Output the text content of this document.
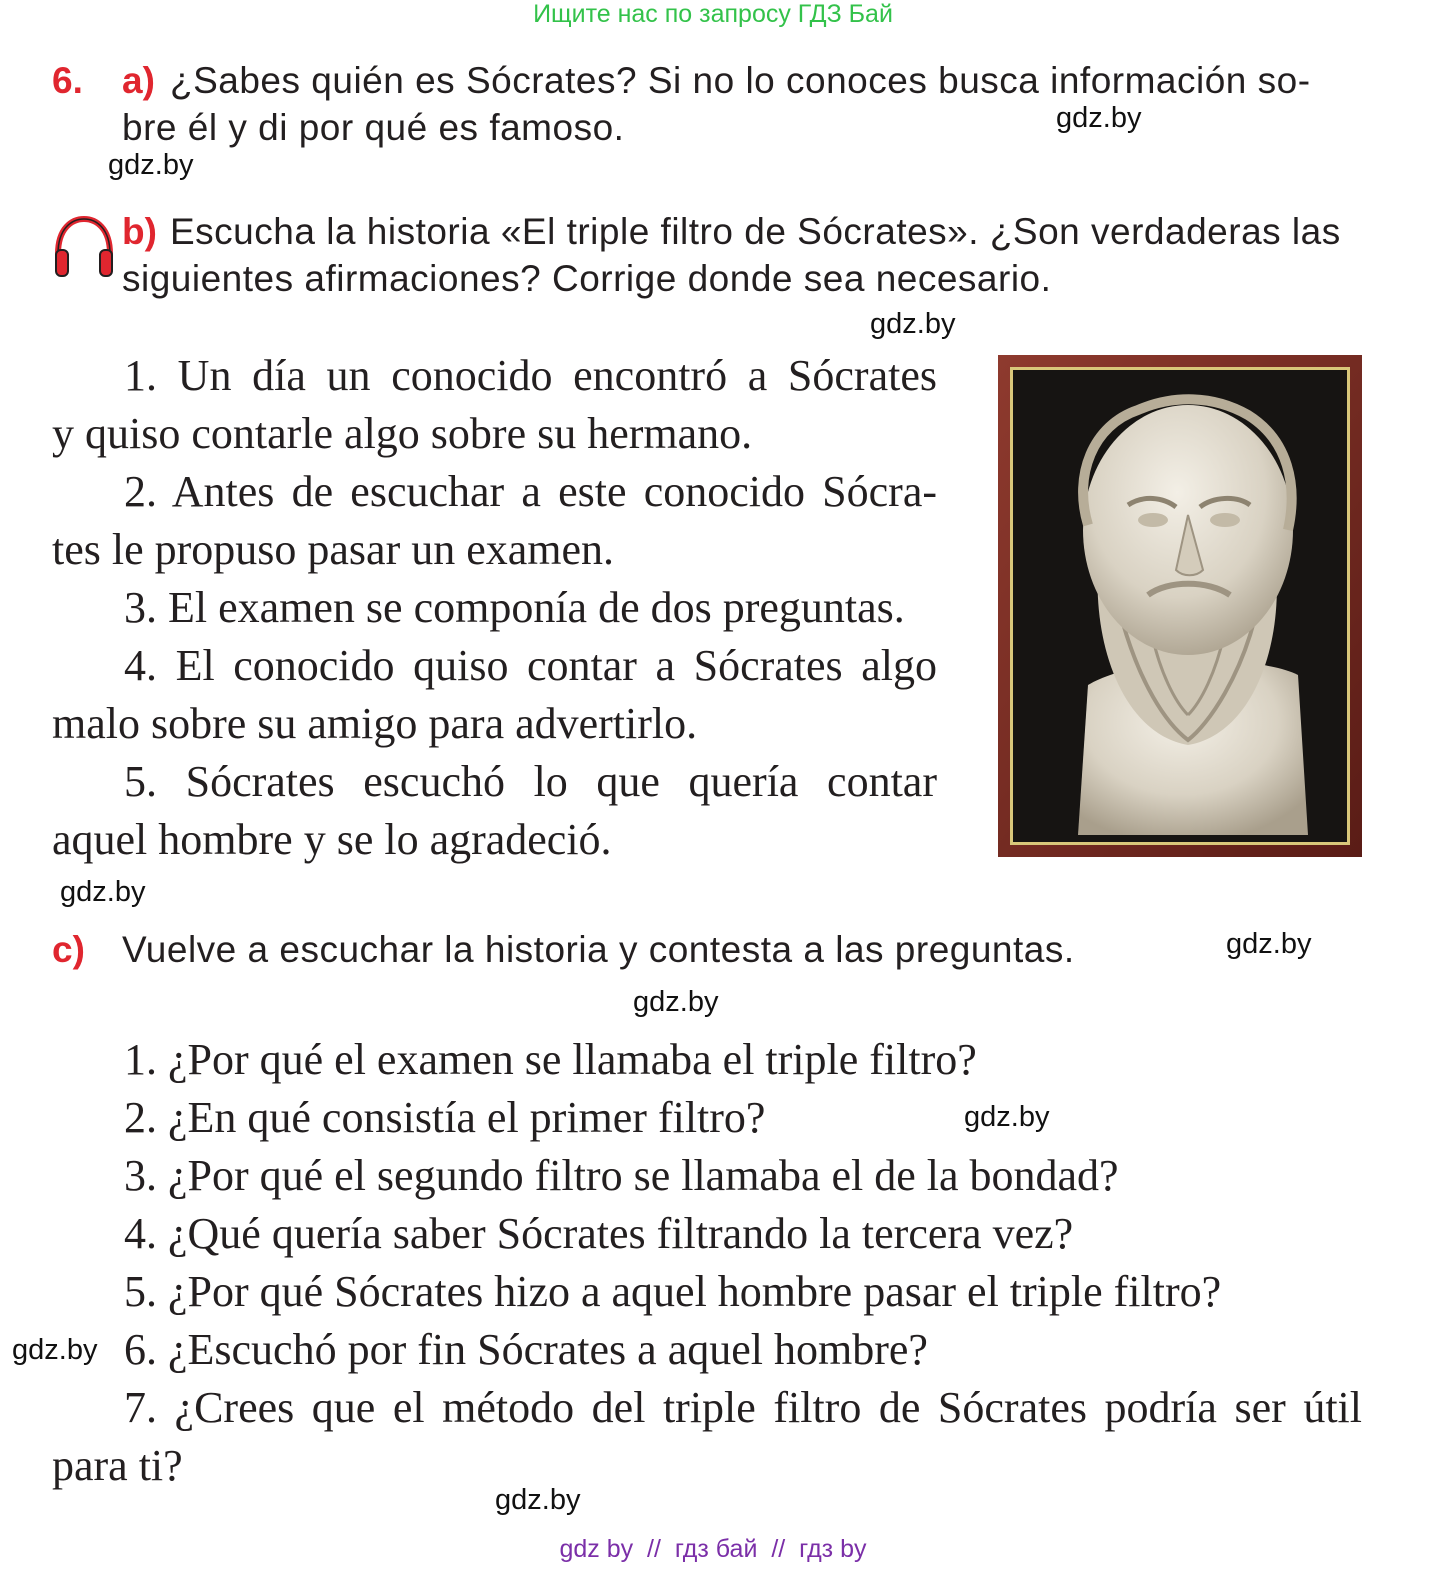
Ищите нас по запросу ГДЗ Бай
6. a) ¿Sabes quién es Sócrates? Si no lo conoces busca información so-
bre él y di por qué es famoso.	gdz.by
gdz.by
b) Escucha la historia «El triple filtro de Sócrates». ¿Son verdaderas las
siguientes afirmaciones? Corrige donde sea necesario.
gdz.by
1. Un día un conocido encontró a Sócrates
y quiso contarle algo sobre su hermano.
2. Antes de escuchar a este conocido Sócra-
tes le propuso pasar un examen.
3. El examen se componía de dos preguntas.
4. El conocido quiso contar a Sócrates algo
malo sobre su amigo para advertirlo.
5. Sócrates escuchó lo que quería contar
aquel hombre y se lo agradeció.
gdz.by
c) Vuelve a escuchar la historia y contesta a las preguntas.	gdz.by
gdz.by
1. ¿Por qué el examen se llamaba el triple filtro?
2. ¿En qué consistía el primer filtro?	gdz.by
3. ¿Por qué el segundo filtro se llamaba el de la bondad?
4. ¿Qué quería saber Sócrates filtrando la tercera vez?
5. ¿Por qué Sócrates hizo a aquel hombre pasar el triple filtro?
gdz.by 6. ¿Escuchó por fin Sócrates a aquel hombre?
7. ¿Crees que el método del triple filtro de Sócrates podría ser útil
para ti?
gdz.by
gdz by  //  гдз бай  //  гдз by
